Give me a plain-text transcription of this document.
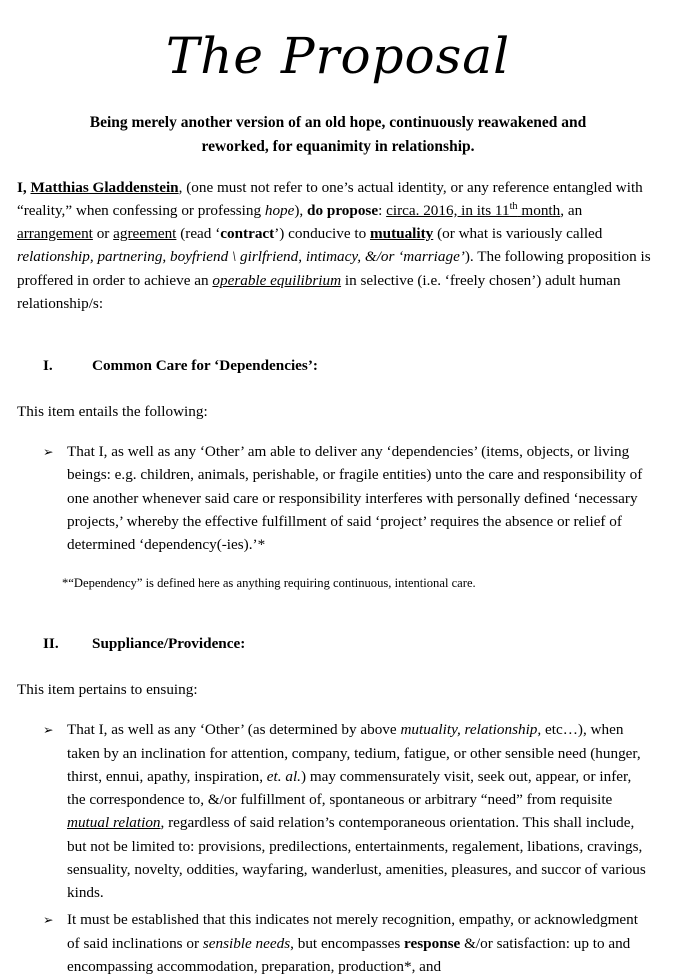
The Proposal
Being merely another version of an old hope, continuously reawakened and reworked, for equanimity in relationship.

I, Matthias Gladdenstein, (one must not refer to one’s actual identity, or any reference entangled with “reality,” when confessing or professing hope), do propose: circa. 2016, in its 11th month, an arrangement or agreement (read ‘contract’) conducive to mutuality (or what is variously called relationship, partnering, boyfriend \ girlfriend, intimacy, &/or ‘marriage’). The following proposition is proffered in order to achieve an operable equilibrium in selective (i.e. ‘freely chosen’) adult human relationship/s:

I.	Common Care for ‘Dependencies’:

This item entails the following:

➢ That I, as well as any ‘Other’ am able to deliver any ‘dependencies’ (items, objects, or living beings: e.g. children, animals, perishable, or fragile entities) unto the care and responsibility of one another whenever said care or responsibility interferes with personally defined ‘necessary projects,’ whereby the effective fulfillment of said ‘project’ requires the absence or relief of determined ‘dependency(-ies).’*

*“Dependency” is defined here as anything requiring continuous, intentional care.

II.	Suppliance/Providence:

This item pertains to ensuing:

➢ That I, as well as any ‘Other’ (as determined by above mutuality, relationship, etc…), when taken by an inclination for attention, company, tedium, fatigue, or other sensible need (hunger, thirst, ennui, apathy, inspiration, et. al.) may commensurately visit, seek out, appear, or infer, the correspondence to, &/or fulfillment of, spontaneous or arbitrary “need” from requisite mutual relation, regardless of said relation’s contemporaneous orientation. This shall include, but not be limited to: provisions, predilections, entertainments, regalement, libations, cravings, sensuality, novelty, oddities, wayfaring, wanderlust, amenities, pleasures, and succor of various kinds.
➢ It must be established that this indicates not merely recognition, empathy, or acknowledgment of said inclinations or sensible needs, but encompasses response &/or satisfaction: up to and encompassing accommodation, preparation, production*, and
